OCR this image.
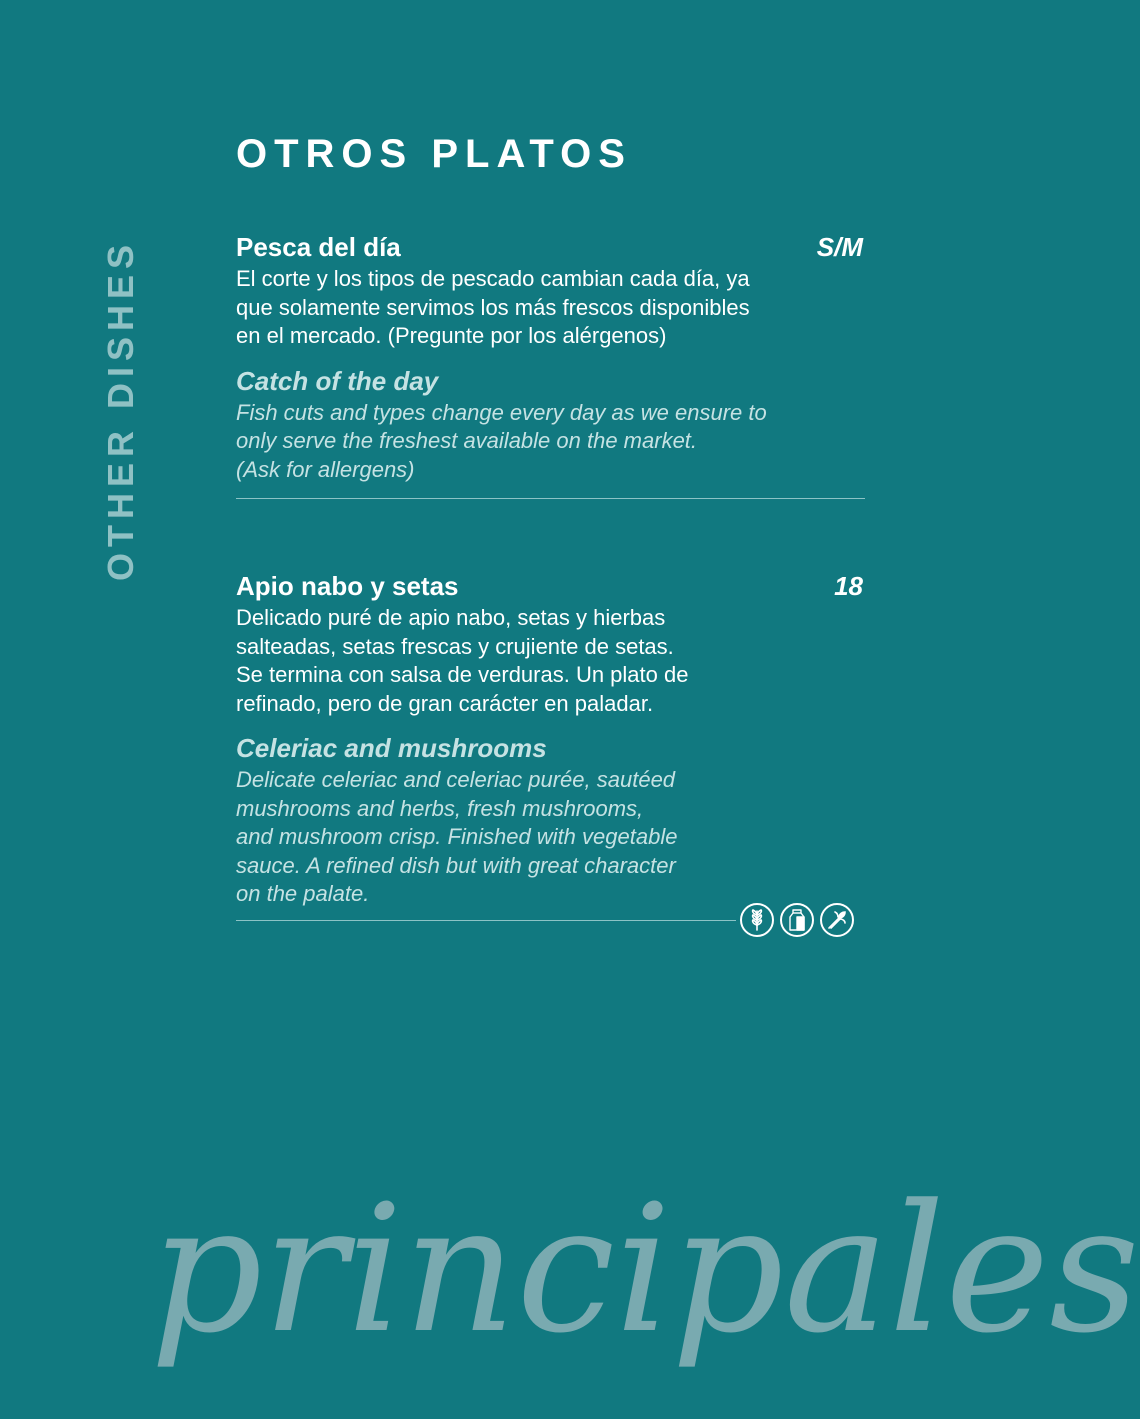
OTROS PLATOS
OTHER DISHES	Pesca del día	S/M

El corte y los tipos de pescado cambian cada día, ya
que solamente servimos los más frescos disponibles
en el mercado. (Pregunte por los alérgenos)

Catch of the day

Fish cuts and types change every day as we ensure to
only serve the freshest available on the market.
(Ask for allergens)

Apio nabo y setas	18

Delicado puré de apio nabo, setas y hierbas
salteadas, setas frescas y crujiente de setas.
Se termina con salsa de verduras. Un plato de
refinado, pero de gran carácter en paladar.

Celeriac and mushrooms

Delicate celeriac and celeriac purée, sautéed
mushrooms and herbs, fresh mushrooms,
and mushroom crisp. Finished with vegetable
sauce. A refined dish but with great character
on the palate.

principales
